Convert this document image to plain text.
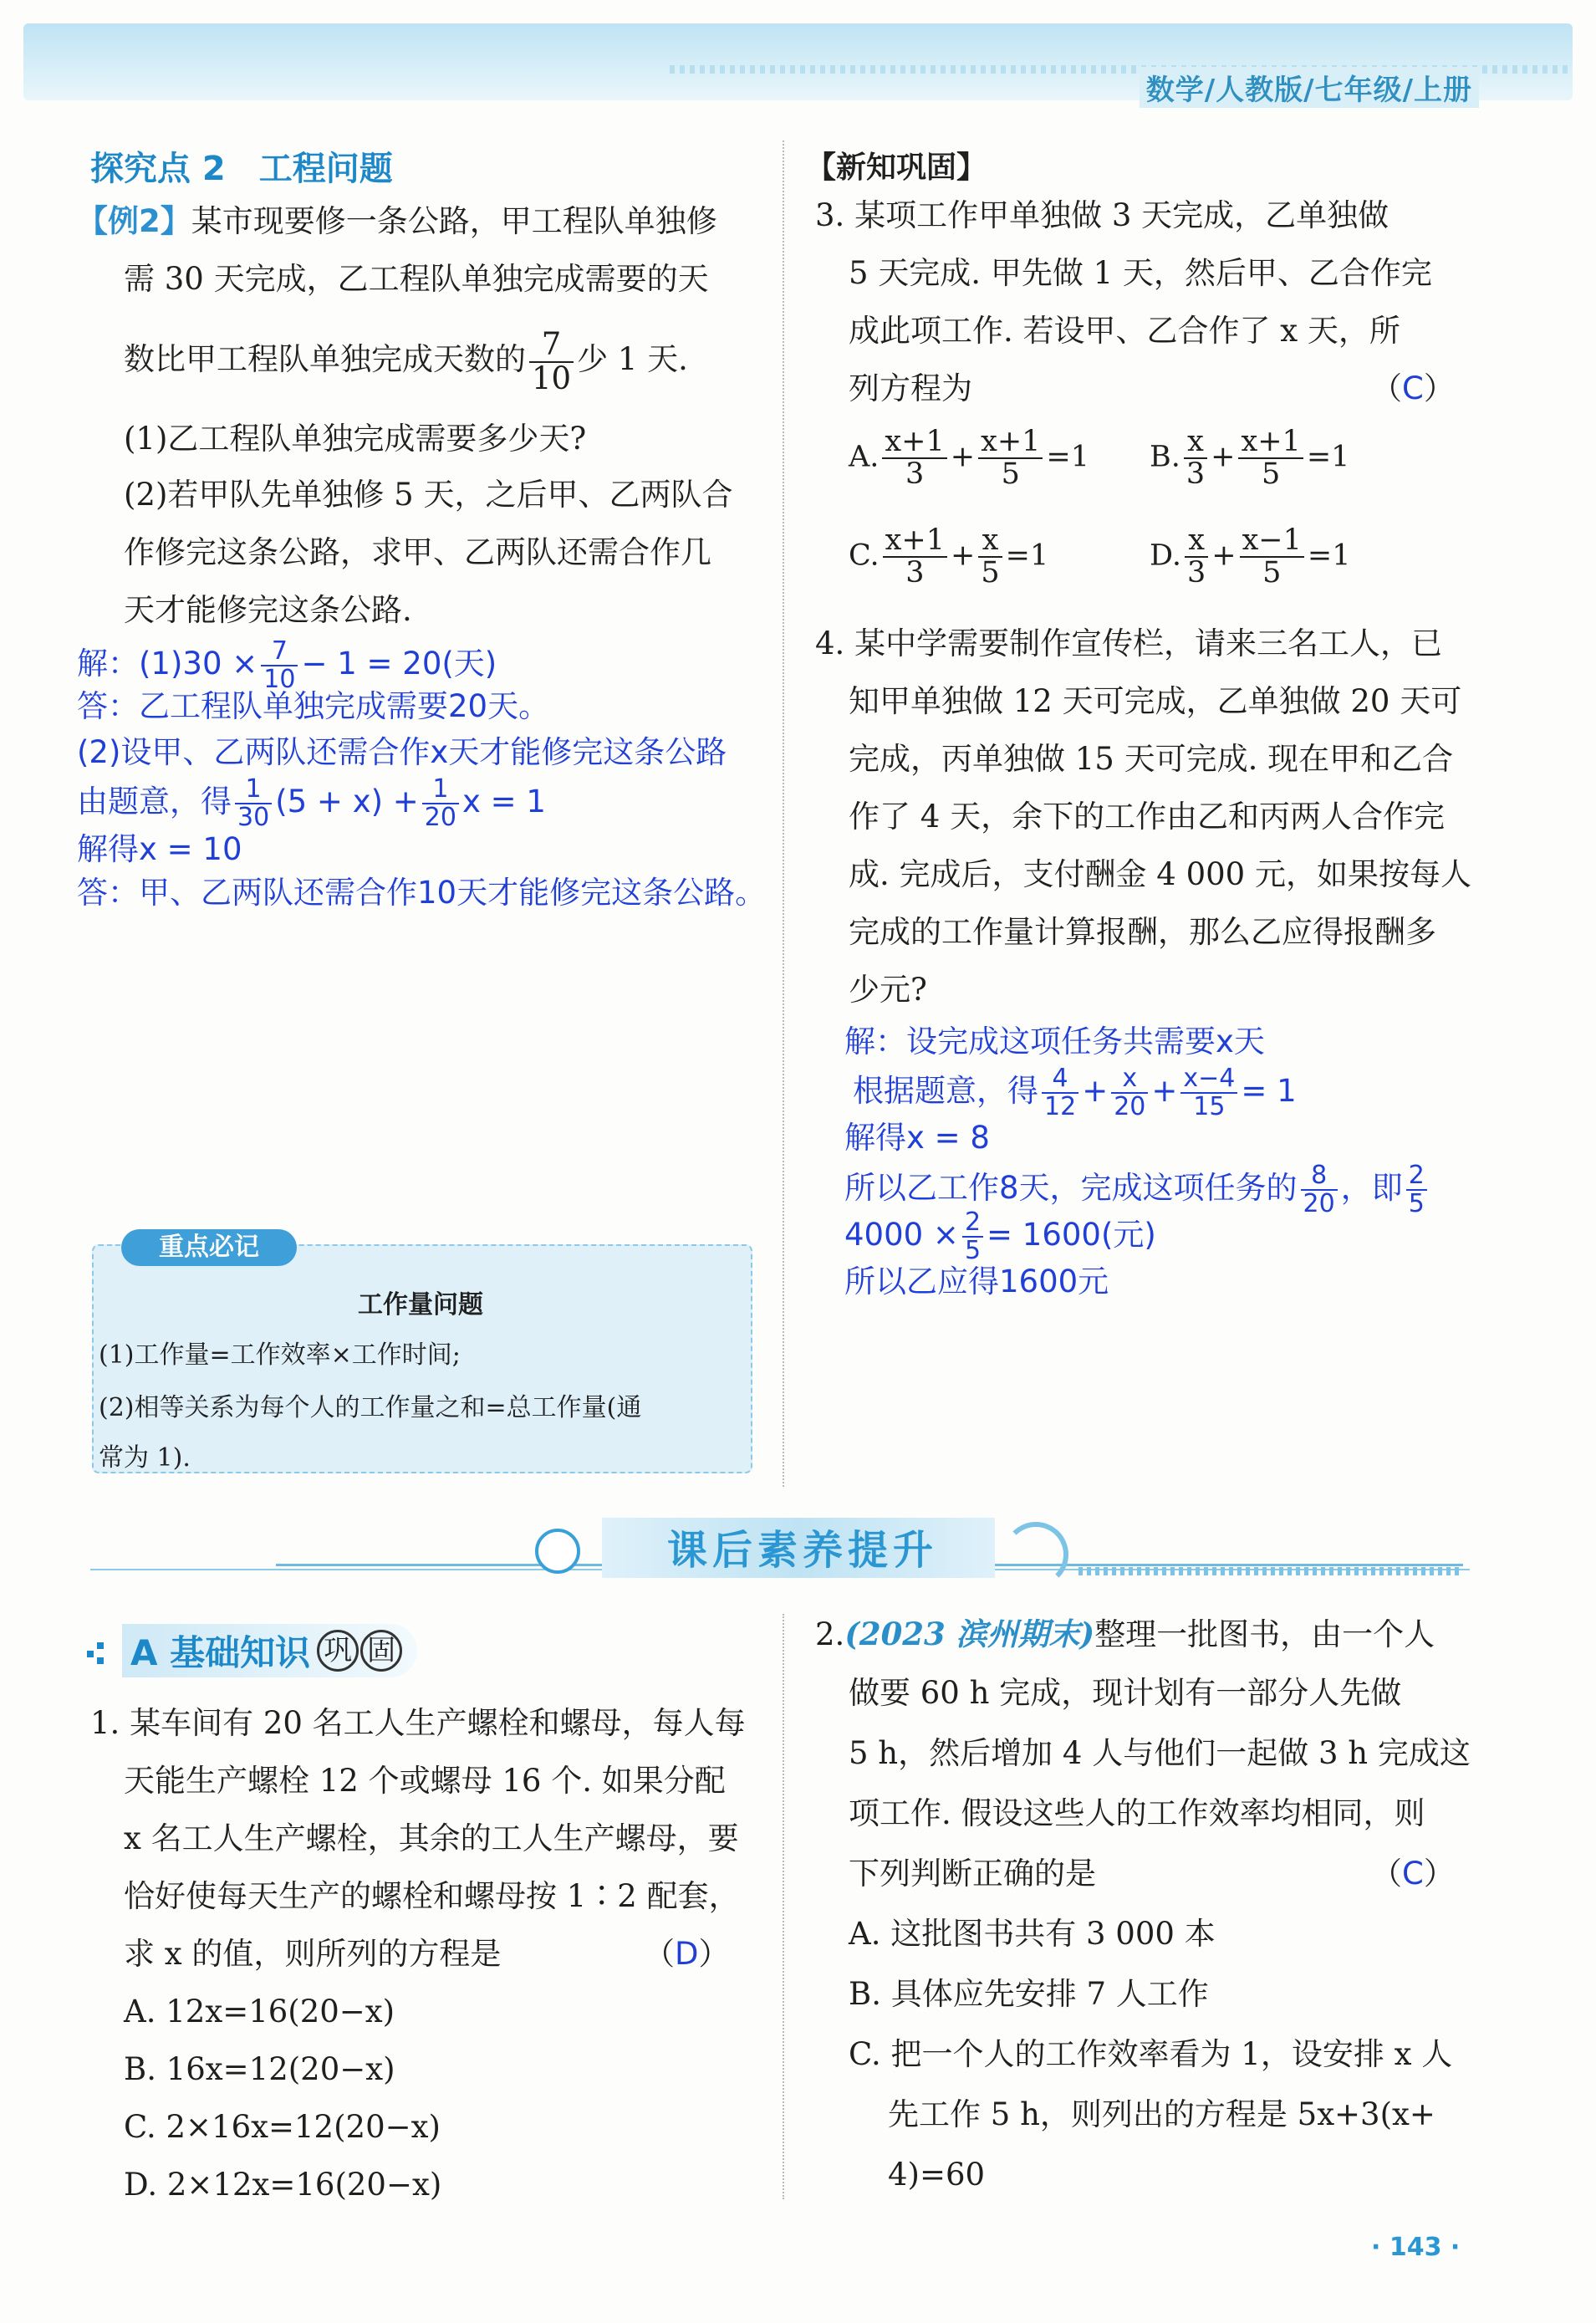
数学/人教版/七年级/上册
探究点 2　工程问题
【例2】某市现要修一条公路，甲工程队单独修
需 30 天完成，乙工程队单独完成需要的天
数比甲工程队单独完成天数的 $\frac{7}{10}$ 少 1 天.
(1)乙工程队单独完成需要多少天?
(2)若甲队先单独修 5 天，之后甲、乙两队合
作修完这条公路，求甲、乙两队还需合作几
天才能修完这条公路.
解：$(1)30 \times \frac{7}{10} - 1 = 20$(天)
答：乙工程队单独完成需要20天。
(2)设甲、乙两队还需合作x天才能修完这条公路
由题意，得 $\frac{1}{30} (5 + x) + \frac{1}{20}$ x = 1
解得x = 10
答：甲、乙两队还需合作10天才能修完这条公路。
重点必记
工作量问题
(1)工作量=工作效率×工作时间;
(2)相等关系为每个人的工作量之和=总工作量(通
常为 1).
【新知巩固】
3. 某项工作甲单独做 3 天完成，乙单独做
5 天完成. 甲先做 1 天，然后甲、乙合作完
成此项工作. 若设甲、乙合作了 x 天，所
列方程为	（C）
A. $\frac{x+1}{3} + \frac{x+1}{5} =1$ B. $\frac{x}{3} + \frac{x+1}{5} =1$
C. $\frac{x+1}{3} + \frac{x}{5} =1$	D. $\frac{x}{3} + \frac{x-1}{5} =1$
4. 某中学需要制作宣传栏，请来三名工人，已
知甲单独做 12 天可完成，乙单独做 20 天可
完成，丙单独做 15 天可完成. 现在甲和乙合
作了 4 天，余下的工作由乙和丙两人合作完
成. 完成后，支付酬金 4 000 元，如果按每人
完成的工作量计算报酬，那么乙应得报酬多
少元?
解：设完成这项任务共需要x天
根据题意，得 $\frac{4}{12} + \frac{x}{20} + \frac{x-4}{15} = 1$
解得x = 8
所以乙工作8天，完成这项任务的 $\frac{8}{20}$ ，即 $\frac{2}{5}$
$4000 \times \frac{2}{5} = 1600$(元)
所以乙应得1600元
课后素养提升
A 基础知识 巩 固
1. 某车间有 20 名工人生产螺栓和螺母，每人每
天能生产螺栓 12 个或螺母 16 个. 如果分配
x 名工人生产螺栓，其余的工人生产螺母，要
恰好使每天生产的螺栓和螺母按 1∶2 配套，
求 x 的值，则所列的方程是	（D）
A. 12x=16(20−x)
B. 16x=12(20−x)
C. 2×16x=12(20−x)
D. 2×12x=16(20−x)
2.(2023 滨州期末)整理一批图书，由一个人
做要 60 h 完成，现计划有一部分人先做
5 h，然后增加 4 人与他们一起做 3 h 完成这
项工作. 假设这些人的工作效率均相同，则
下列判断正确的是	（C）
A. 这批图书共有 3 000 本
B. 具体应先安排 7 人工作
C. 把一个人的工作效率看为 1，设安排 x 人
先工作 5 h，则列出的方程是 5x+3(x+
4)=60
· 143 ·
